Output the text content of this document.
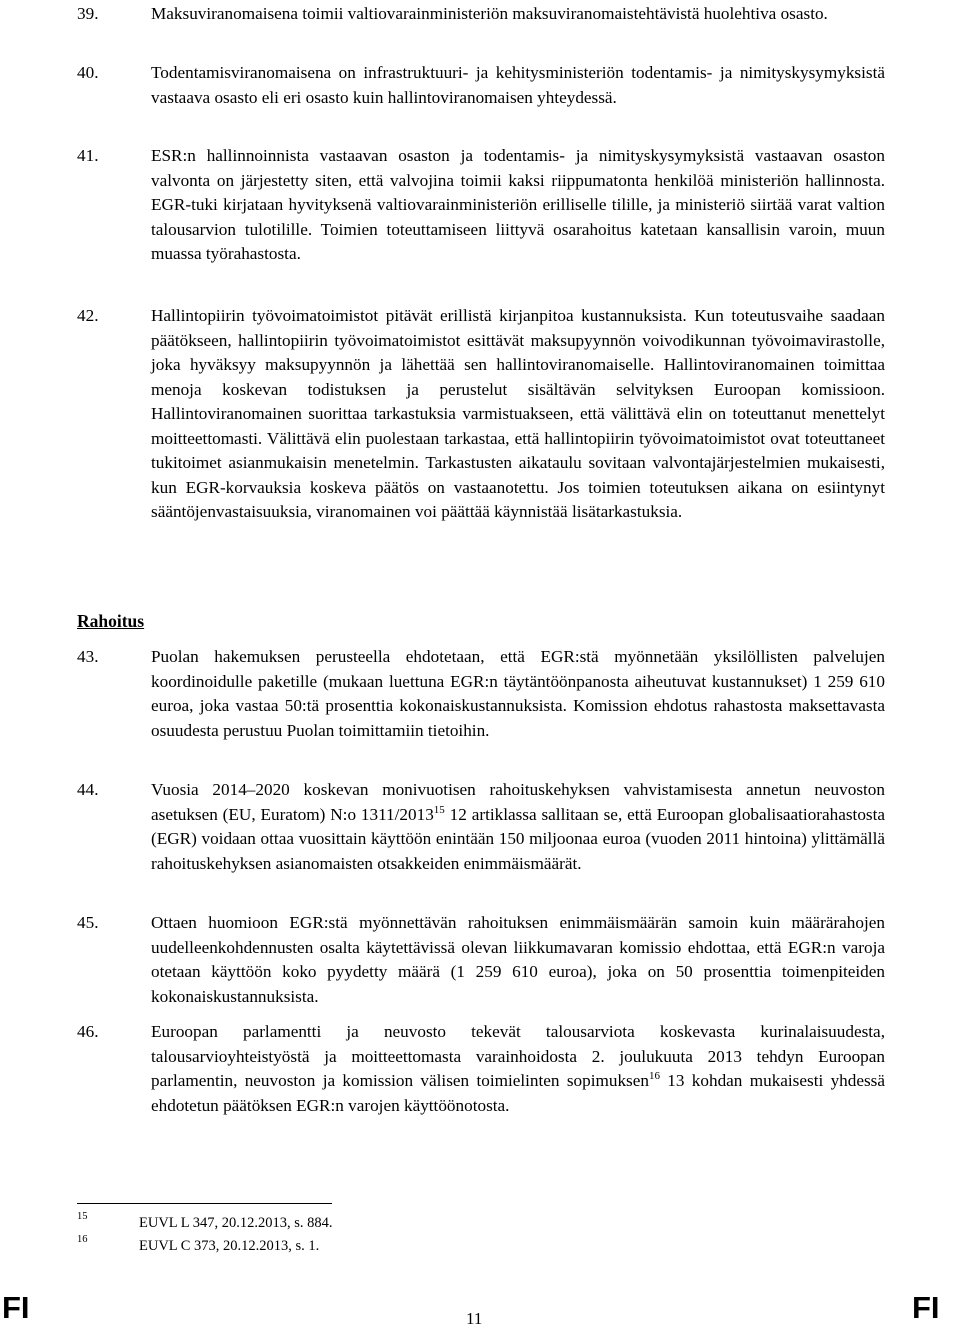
39.	Maksuviranomaisena toimii valtiovarainministeriön maksuviranomaistehtävistä huolehtiva osasto.
40.	Todentamisviranomaisena on infrastruktuuri- ja kehitysministeriön todentamis- ja nimityskysymyksistä vastaava osasto eli eri osasto kuin hallintoviranomaisen yhteydessä.
41.	ESR:n hallinnoinnista vastaavan osaston ja todentamis- ja nimityskysymyksistä vastaavan osaston valvonta on järjestetty siten, että valvojina toimii kaksi riippumatonta henkilöä ministeriön hallinnosta. EGR-tuki kirjataan hyvityksenä valtiovarainministeriön erilliselle tilille, ja ministeriö siirtää varat valtion talousarvion tulotilille. Toimien toteuttamiseen liittyvä osarahoitus katetaan kansallisin varoin, muun muassa työrahastosta.
42.	Hallintopiirin työvoimatoimistot pitävät erillistä kirjanpitoa kustannuksista. Kun toteutusvaihe saadaan päätökseen, hallintopiirin työvoimatoimistot esittävät maksupyynnön voivodikunnan työvoimavirastolle, joka hyväksyy maksupyynnön ja lähettää sen hallintoviranomaiselle. Hallintoviranomainen toimittaa menoja koskevan todistuksen ja perustelut sisältävän selvityksen Euroopan komissioon. Hallintoviranomainen suorittaa tarkastuksia varmistuakseen, että välittävä elin on toteuttanut menettelyt moitteettomasti. Välittävä elin puolestaan tarkastaa, että hallintopiirin työvoimatoimistot ovat toteuttaneet tukitoimet asianmukaisin menetelmin. Tarkastusten aikataulu sovitaan valvontajärjestelmien mukaisesti, kun EGR-korvauksia koskeva päätös on vastaanotettu. Jos toimien toteutuksen aikana on esiintynyt sääntöjenvastaisuuksia, viranomainen voi päättää käynnistää lisätarkastuksia.
Rahoitus
43.	Puolan hakemuksen perusteella ehdotetaan, että EGR:stä myönnetään yksilöllisten palvelujen koordinoidulle paketille (mukaan luettuna EGR:n täytäntöönpanosta aiheutuvat kustannukset) 1 259 610 euroa, joka vastaa 50:tä prosenttia kokonaiskustannuksista. Komission ehdotus rahastosta maksettavasta osuudesta perustuu Puolan toimittamiin tietoihin.
44.	Vuosia 2014–2020 koskevan monivuotisen rahoituskehyksen vahvistamisesta annetun neuvoston asetuksen (EU, Euratom) N:o 1311/2013$^{15}$ 12 artiklassa sallitaan se, että Euroopan globalisaatiorahastosta (EGR) voidaan ottaa vuosittain käyttöön enintään 150 miljoonaa euroa (vuoden 2011 hintoina) ylittämällä rahoituskehyksen asianomaisten otsakkeiden enimmäismäärät.
45.	Ottaen huomioon EGR:stä myönnettävän rahoituksen enimmäismäärän samoin kuin määrärahojen uudelleenkohdennusten osalta käytettävissä olevan liikkumavaran komissio ehdottaa, että EGR:n varoja otetaan käyttöön koko pyydetty määrä (1 259 610 euroa), joka on 50 prosenttia toimenpiteiden kokonaiskustannuksista.
46.	Euroopan parlamentti ja neuvosto tekevät talousarviota koskevasta kurinalaisuudesta, talousarvioyhteistyöstä ja moitteettomasta varainhoidosta 2. joulukuuta 2013 tehdyn Euroopan parlamentin, neuvoston ja komission välisen toimielinten sopimuksen$^{16}$ 13 kohdan mukaisesti yhdessä ehdotetun päätöksen EGR:n varojen käyttöönotosta.
15	EUVL L 347, 20.12.2013, s. 884.
16	EUVL C 373, 20.12.2013, s. 1.
FI	11	FI
